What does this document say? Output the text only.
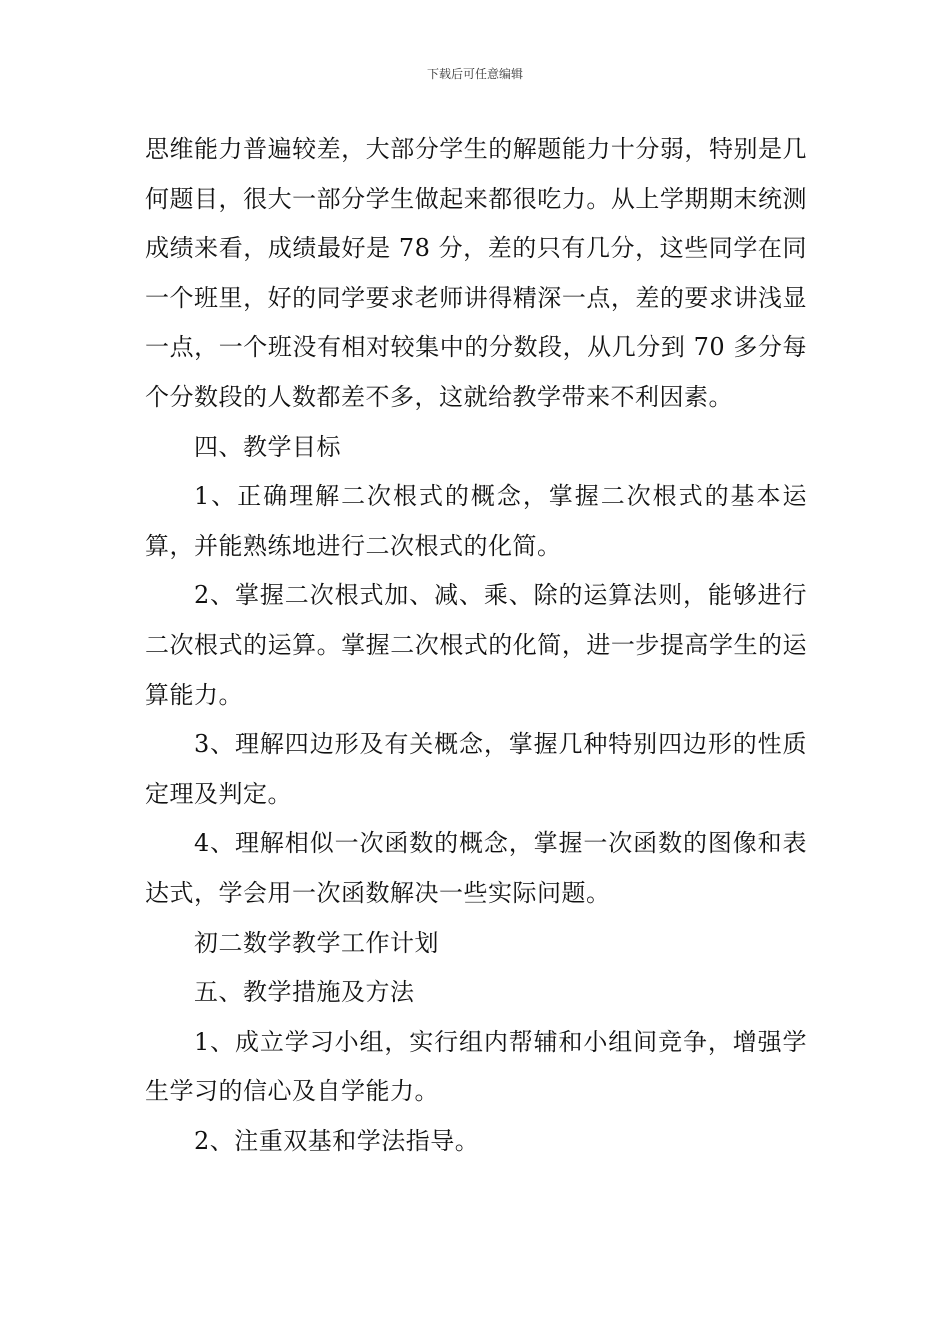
下载后可任意编辑

思维能力普遍较差，大部分学生的解题能力十分弱，特别是几何题目，很大一部分学生做起来都很吃力。从上学期期末统测成绩来看，成绩最好是 78 分，差的只有几分，这些同学在同一个班里，好的同学要求老师讲得精深一点，差的要求讲浅显一点，一个班没有相对较集中的分数段，从几分到 70 多分每个分数段的人数都差不多，这就给教学带来不利因素。

四、教学目标

1、正确理解二次根式的概念，掌握二次根式的基本运算，并能熟练地进行二次根式的化简。

2、掌握二次根式加、减、乘、除的运算法则，能够进行二次根式的运算。掌握二次根式的化简，进一步提高学生的运算能力。

3、理解四边形及有关概念，掌握几种特别四边形的性质定理及判定。

4、理解相似一次函数的概念，掌握一次函数的图像和表达式，学会用一次函数解决一些实际问题。

初二数学教学工作计划

五、教学措施及方法

1、成立学习小组，实行组内帮辅和小组间竞争，增强学生学习的信心及自学能力。

2、注重双基和学法指导。
